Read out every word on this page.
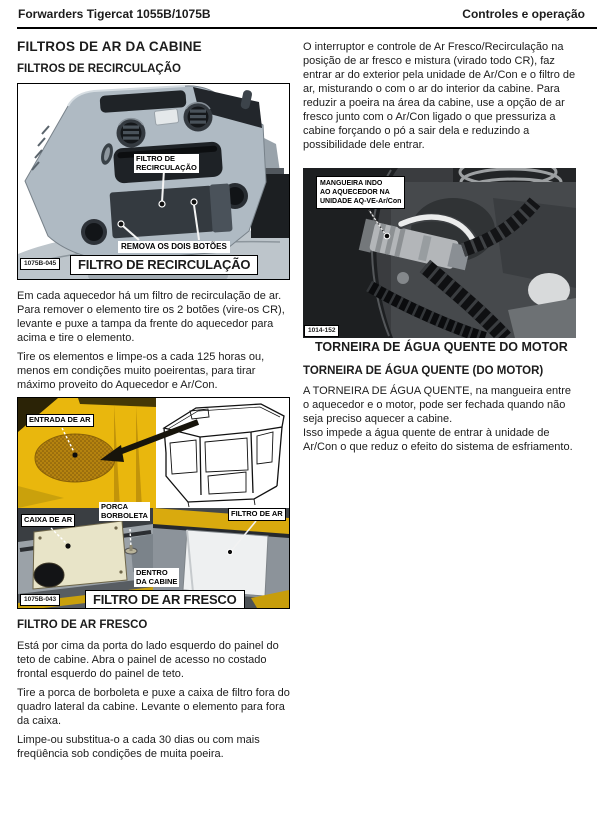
Forwarders Tigercat 1055B/1075B	Controles e operação
FILTROS DE AR DA CABINE
FILTROS DE RECIRCULAÇÃO
FILTRO DE
RECIRCULAÇÃO
REMOVA OS DOIS BOTÕES
1075B-045	FILTRO DE RECIRCULAÇÃO
Em cada aquecedor há um filtro de recirculação de ar. Para remover o elemento tire os 2 botões (vire-os CR), levante e puxe a tampa da frente do aquecedor para acima e tire o elemento.
Tire os elementos e limpe-os a cada 125 horas ou, menos em condições muito poeirentas, para tirar máximo proveito do Aquecedor e Ar/Con.
ENTRADA DE AR
CAIXA DE AR
PORCA
BORBOLETA	FILTRO DE AR
DENTRO
DA CABINE
1075B-043	FILTRO DE AR FRESCO
FILTRO DE AR FRESCO
Está por cima da porta do lado esquerdo do painel do teto de cabine. Abra o painel de acesso no costado frontal esquerdo do painel de teto.
Tire a porca de borboleta e puxe a caixa de filtro fora do quadro lateral da cabine. Levante o elemento para fora da caixa.
Limpe-ou substitua-o a cada 30 dias ou com mais freqüência sob condições de muita poeira.
O interruptor e controle de Ar Fresco/Recirculação na posição de ar fresco e mistura (virado todo CR), faz entrar ar do exterior pela unidade de Ar/Con e o filtro de ar, misturando o com o ar do interior da cabine. Para reduzir a poeira na área da cabine, use a opção de ar fresco junto com o Ar/Con ligado o que pressuriza a cabine forçando o pó a sair dela e reduzindo a possibilidade dele entrar.
MANGUEIRA INDO
AO AQUECEDOR NA
UNIDADE AQ-VE-Ar/Con
1014-152
TORNEIRA DE ÁGUA QUENTE DO MOTOR
TORNEIRA DE ÁGUA QUENTE (DO MOTOR)
A TORNEIRA DE ÁGUA QUENTE, na mangueira entre o aquecedor e o motor, pode ser fechada quando não seja preciso aquecer a cabine.
Isso impede a água quente de entrar à unidade de Ar/Con o que reduz o efeito do sistema de esfriamento.
